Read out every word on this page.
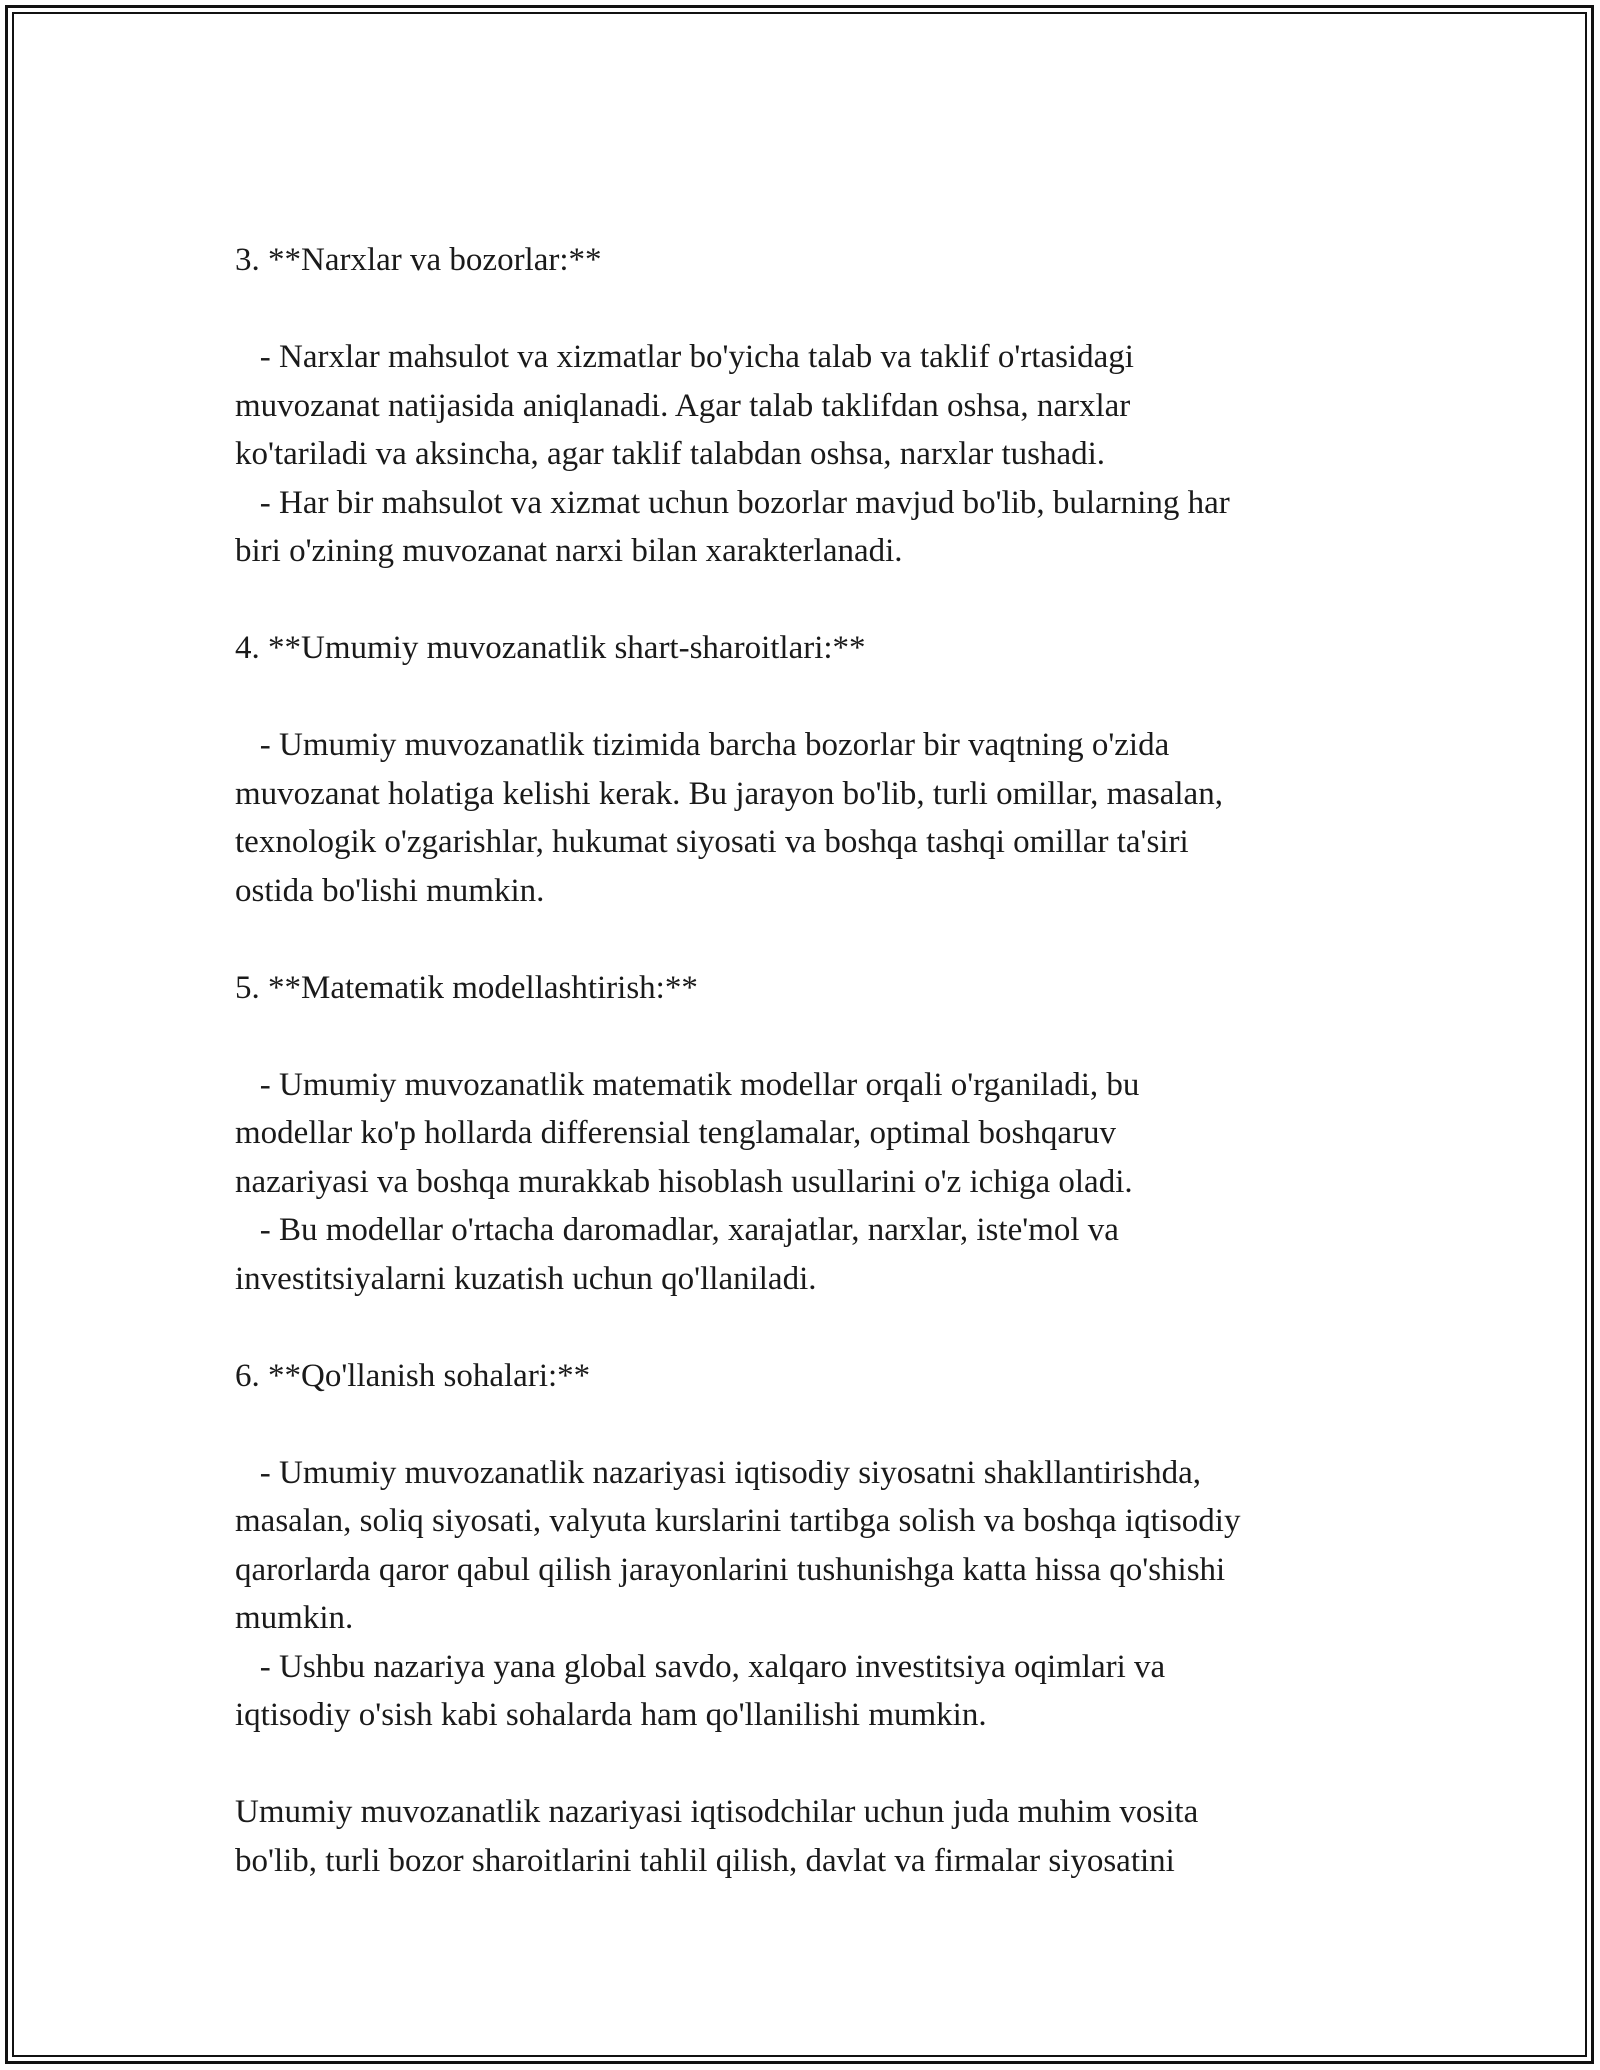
3. **Narxlar va bozorlar:**
- Narxlar mahsulot va xizmatlar bo'yicha talab va taklif o'rtasidagi
muvozanat natijasida aniqlanadi. Agar talab taklifdan oshsa, narxlar
ko'tariladi va aksincha, agar taklif talabdan oshsa, narxlar tushadi.
- Har bir mahsulot va xizmat uchun bozorlar mavjud bo'lib, bularning har
biri o'zining muvozanat narxi bilan xarakterlanadi.
4. **Umumiy muvozanatlik shart-sharoitlari:**
- Umumiy muvozanatlik tizimida barcha bozorlar bir vaqtning o'zida
muvozanat holatiga kelishi kerak. Bu jarayon bo'lib, turli omillar, masalan,
texnologik o'zgarishlar, hukumat siyosati va boshqa tashqi omillar ta'siri
ostida bo'lishi mumkin.
5. **Matematik modellashtirish:**
- Umumiy muvozanatlik matematik modellar orqali o'rganiladi, bu
modellar ko'p hollarda differensial tenglamalar, optimal boshqaruv
nazariyasi va boshqa murakkab hisoblash usullarini o'z ichiga oladi.
- Bu modellar o'rtacha daromadlar, xarajatlar, narxlar, iste'mol va
investitsiyalarni kuzatish uchun qo'llaniladi.
6. **Qo'llanish sohalari:**
- Umumiy muvozanatlik nazariyasi iqtisodiy siyosatni shakllantirishda,
masalan, soliq siyosati, valyuta kurslarini tartibga solish va boshqa iqtisodiy
qarorlarda qaror qabul qilish jarayonlarini tushunishga katta hissa qo'shishi
mumkin.
- Ushbu nazariya yana global savdo, xalqaro investitsiya oqimlari va
iqtisodiy o'sish kabi sohalarda ham qo'llanilishi mumkin.
Umumiy muvozanatlik nazariyasi iqtisodchilar uchun juda muhim vosita
bo'lib, turli bozor sharoitlarini tahlil qilish, davlat va firmalar siyosatini
